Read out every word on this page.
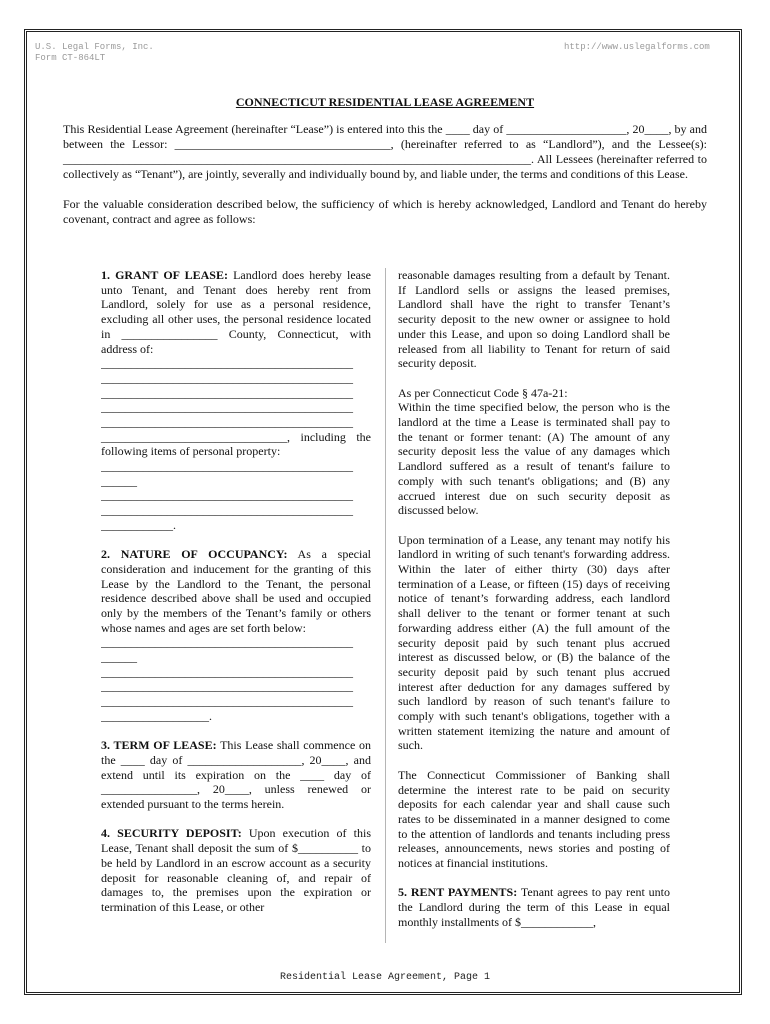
U.S. Legal Forms, Inc.
Form CT-864LT
http://www.uslegalforms.com
CONNECTICUT RESIDENTIAL LEASE AGREEMENT

This Residential Lease Agreement (hereinafter “Lease”) is entered into this the ____ day of ____________________, 20____, by and between the Lessor: ____________________________________, (hereinafter referred to as “Landlord”), and the Lessee(s): ______________________________________________________________________________. All Lessees (hereinafter referred to collectively as “Tenant”), are jointly, severally and individually bound by, and liable under, the terms and conditions of this Lease.

For the valuable consideration described below, the sufficiency of which is hereby acknowledged, Landlord and Tenant do hereby covenant, contract and agree as follows:

1. GRANT OF LEASE: Landlord does hereby lease unto Tenant, and Tenant does hereby rent from Landlord, solely for use as a personal residence, excluding all other uses, the personal residence located in ________________ County, Connecticut, with address of:

__________________________________________
__________________________________________
__________________________________________
__________________________________________
__________________________________________

_______________________________, including the following items of personal property:

__________________________________________
______
__________________________________________
__________________________________________
____________.

2. NATURE OF OCCUPANCY: As a special consideration and inducement for the granting of this Lease by the Landlord to the Tenant, the personal residence described above shall be used and occupied only by the members of the Tenant’s family or others whose names and ages are set forth below:

__________________________________________
______
__________________________________________
__________________________________________
__________________________________________
__________________.

3. TERM OF LEASE: This Lease shall commence on the ____ day of ___________________, 20____, and extend until its expiration on the ____ day of ________________, 20____, unless renewed or extended pursuant to the terms herein.

4. SECURITY DEPOSIT: Upon execution of this Lease, Tenant shall deposit the sum of $__________ to be held by Landlord in an escrow account as a security deposit for reasonable cleaning of, and repair of damages to, the premises upon the expiration or termination of this Lease, or other

reasonable damages resulting from a default by Tenant. If Landlord sells or assigns the leased premises, Landlord shall have the right to transfer Tenant’s security deposit to the new owner or assignee to hold under this Lease, and upon so doing Landlord shall be released from all liability to Tenant for return of said security deposit.

As per Connecticut Code § 47a-21:
Within the time specified below, the person who is the landlord at the time a Lease is terminated shall pay to the tenant or former tenant: (A) The amount of any security deposit less the value of any damages which Landlord suffered as a result of tenant's failure to comply with such tenant's obligations; and (B) any accrued interest due on such security deposit as discussed below.

Upon termination of a Lease, any tenant may notify his landlord in writing of such tenant's forwarding address. Within the later of either thirty (30) days after termination of a Lease, or fifteen (15) days of receiving notice of tenant’s forwarding address, each landlord shall deliver to the tenant or former tenant at such forwarding address either (A) the full amount of the security deposit paid by such tenant plus accrued interest as discussed below, or (B) the balance of the security deposit paid by such tenant plus accrued interest after deduction for any damages suffered by such landlord by reason of such tenant's failure to comply with such tenant's obligations, together with a written statement itemizing the nature and amount of such.

The Connecticut Commissioner of Banking shall determine the interest rate to be paid on security deposits for each calendar year and shall cause such rates to be disseminated in a manner designed to come to the attention of landlords and tenants including press releases, announcements, news stories and posting of notices at financial institutions.

5. RENT PAYMENTS: Tenant agrees to pay rent unto the Landlord during the term of this Lease in equal monthly installments of $____________,

Residential Lease Agreement, Page 1
